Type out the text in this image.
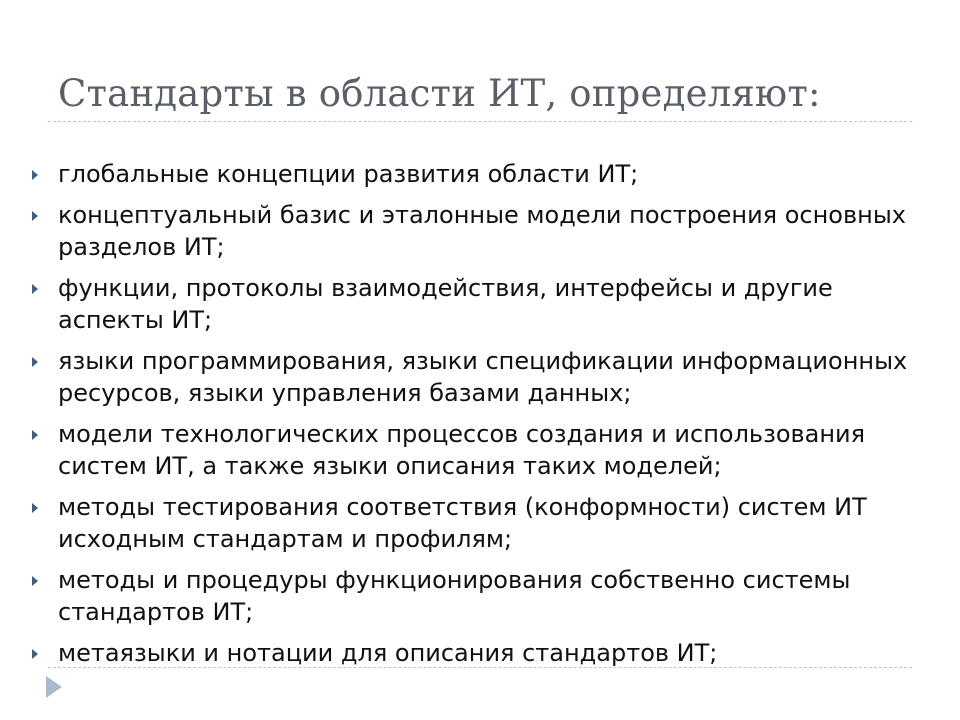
Стандарты в области ИТ, определяют:
глобальные концепции развития области ИТ;
концептуальный базис и эталонные модели построения основных разделов ИТ;
функции, протоколы взаимодействия, интерфейсы и другие аспекты ИТ;
языки программирования, языки спецификации информационных ресурсов, языки управления базами данных;
модели технологических процессов создания и использования систем ИТ, а также языки описания таких моделей;
методы тестирования соответствия (конформности) систем ИТ исходным стандартам и профилям;
методы и процедуры функционирования собственно системы стандартов ИТ;
метаязыки и нотации для описания стандартов ИТ;
